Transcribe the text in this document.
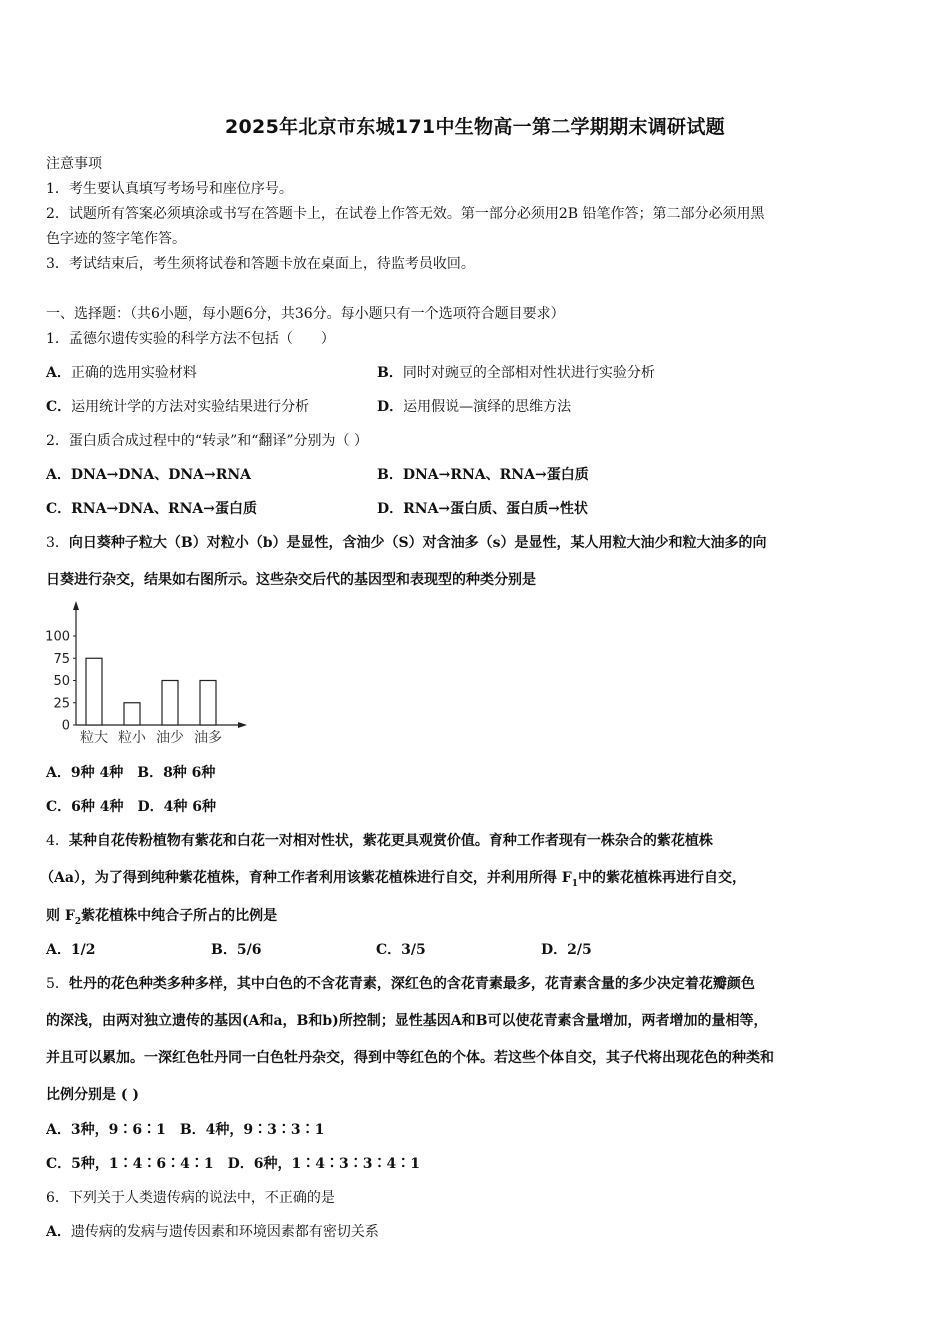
2025年北京市东城171中生物高一第二学期期末调研试题
注意事项
1．考生要认真填写考场号和座位序号。
2．试题所有答案必须填涂或书写在答题卡上，在试卷上作答无效。第一部分必须用2B 铅笔作答；第二部分必须用黑
色字迹的签字笔作答。
3．考试结束后，考生须将试卷和答题卡放在桌面上，待监考员收回。
一、选择题：（共6小题，每小题6分，共36分。每小题只有一个选项符合题目要求）
1．孟德尔遗传实验的科学方法不包括（　　）
A．正确的选用实验材料	B．同时对豌豆的全部相对性状进行实验分析
C．运用统计学的方法对实验结果进行分析	D．运用假说—演绎的思维方法
2．蛋白质合成过程中的“转录”和“翻译”分别为（ ）
A．DNA→DNA、DNA→RNA	B．DNA→RNA、RNA→蛋白质
C．RNA→DNA、RNA→蛋白质	D．RNA→蛋白质、蛋白质→性状
3．向日葵种子粒大（B）对粒小（b）是显性，含油少（S）对含油多（s）是显性，某人用粒大油少和粒大油多的向
日葵进行杂交，结果如右图所示。这些杂交后代的基因型和表现型的种类分别是
100
75
50
25
0
粒大 粒小 油少 油多
A．9种 4种　B．8种 6种
C．6种 4种　D．4种 6种
4．某种自花传粉植物有紫花和白花一对相对性状，紫花更具观赏价值。育种工作者现有一株杂合的紫花植株
（Aa），为了得到纯种紫花植株，育种工作者利用该紫花植株进行自交，并利用所得 $F_1$中的紫花植株再进行自交，
则 $F_2$紫花植株中纯合子所占的比例是
A．1/2	B．5/6	C．3/5	D．2/5
5．牡丹的花色种类多种多样，其中白色的不含花青素，深红色的含花青素最多，花青素含量的多少决定着花瓣颜色
的深浅，由两对独立遗传的基因(A和a，B和b)所控制；显性基因A和B可以使花青素含量增加，两者增加的量相等，
并且可以累加。一深红色牡丹同一白色牡丹杂交，得到中等红色的个体。若这些个体自交，其子代将出现花色的种类和
比例分别是 ( )
A．3种，9∶6∶1　B．4种，9∶3∶3∶1
C．5种，1∶4∶6∶4∶1　D．6种，1∶4∶3∶3∶4∶1
6．下列关于人类遗传病的说法中，不正确的是
A．遗传病的发病与遗传因素和环境因素都有密切关系
